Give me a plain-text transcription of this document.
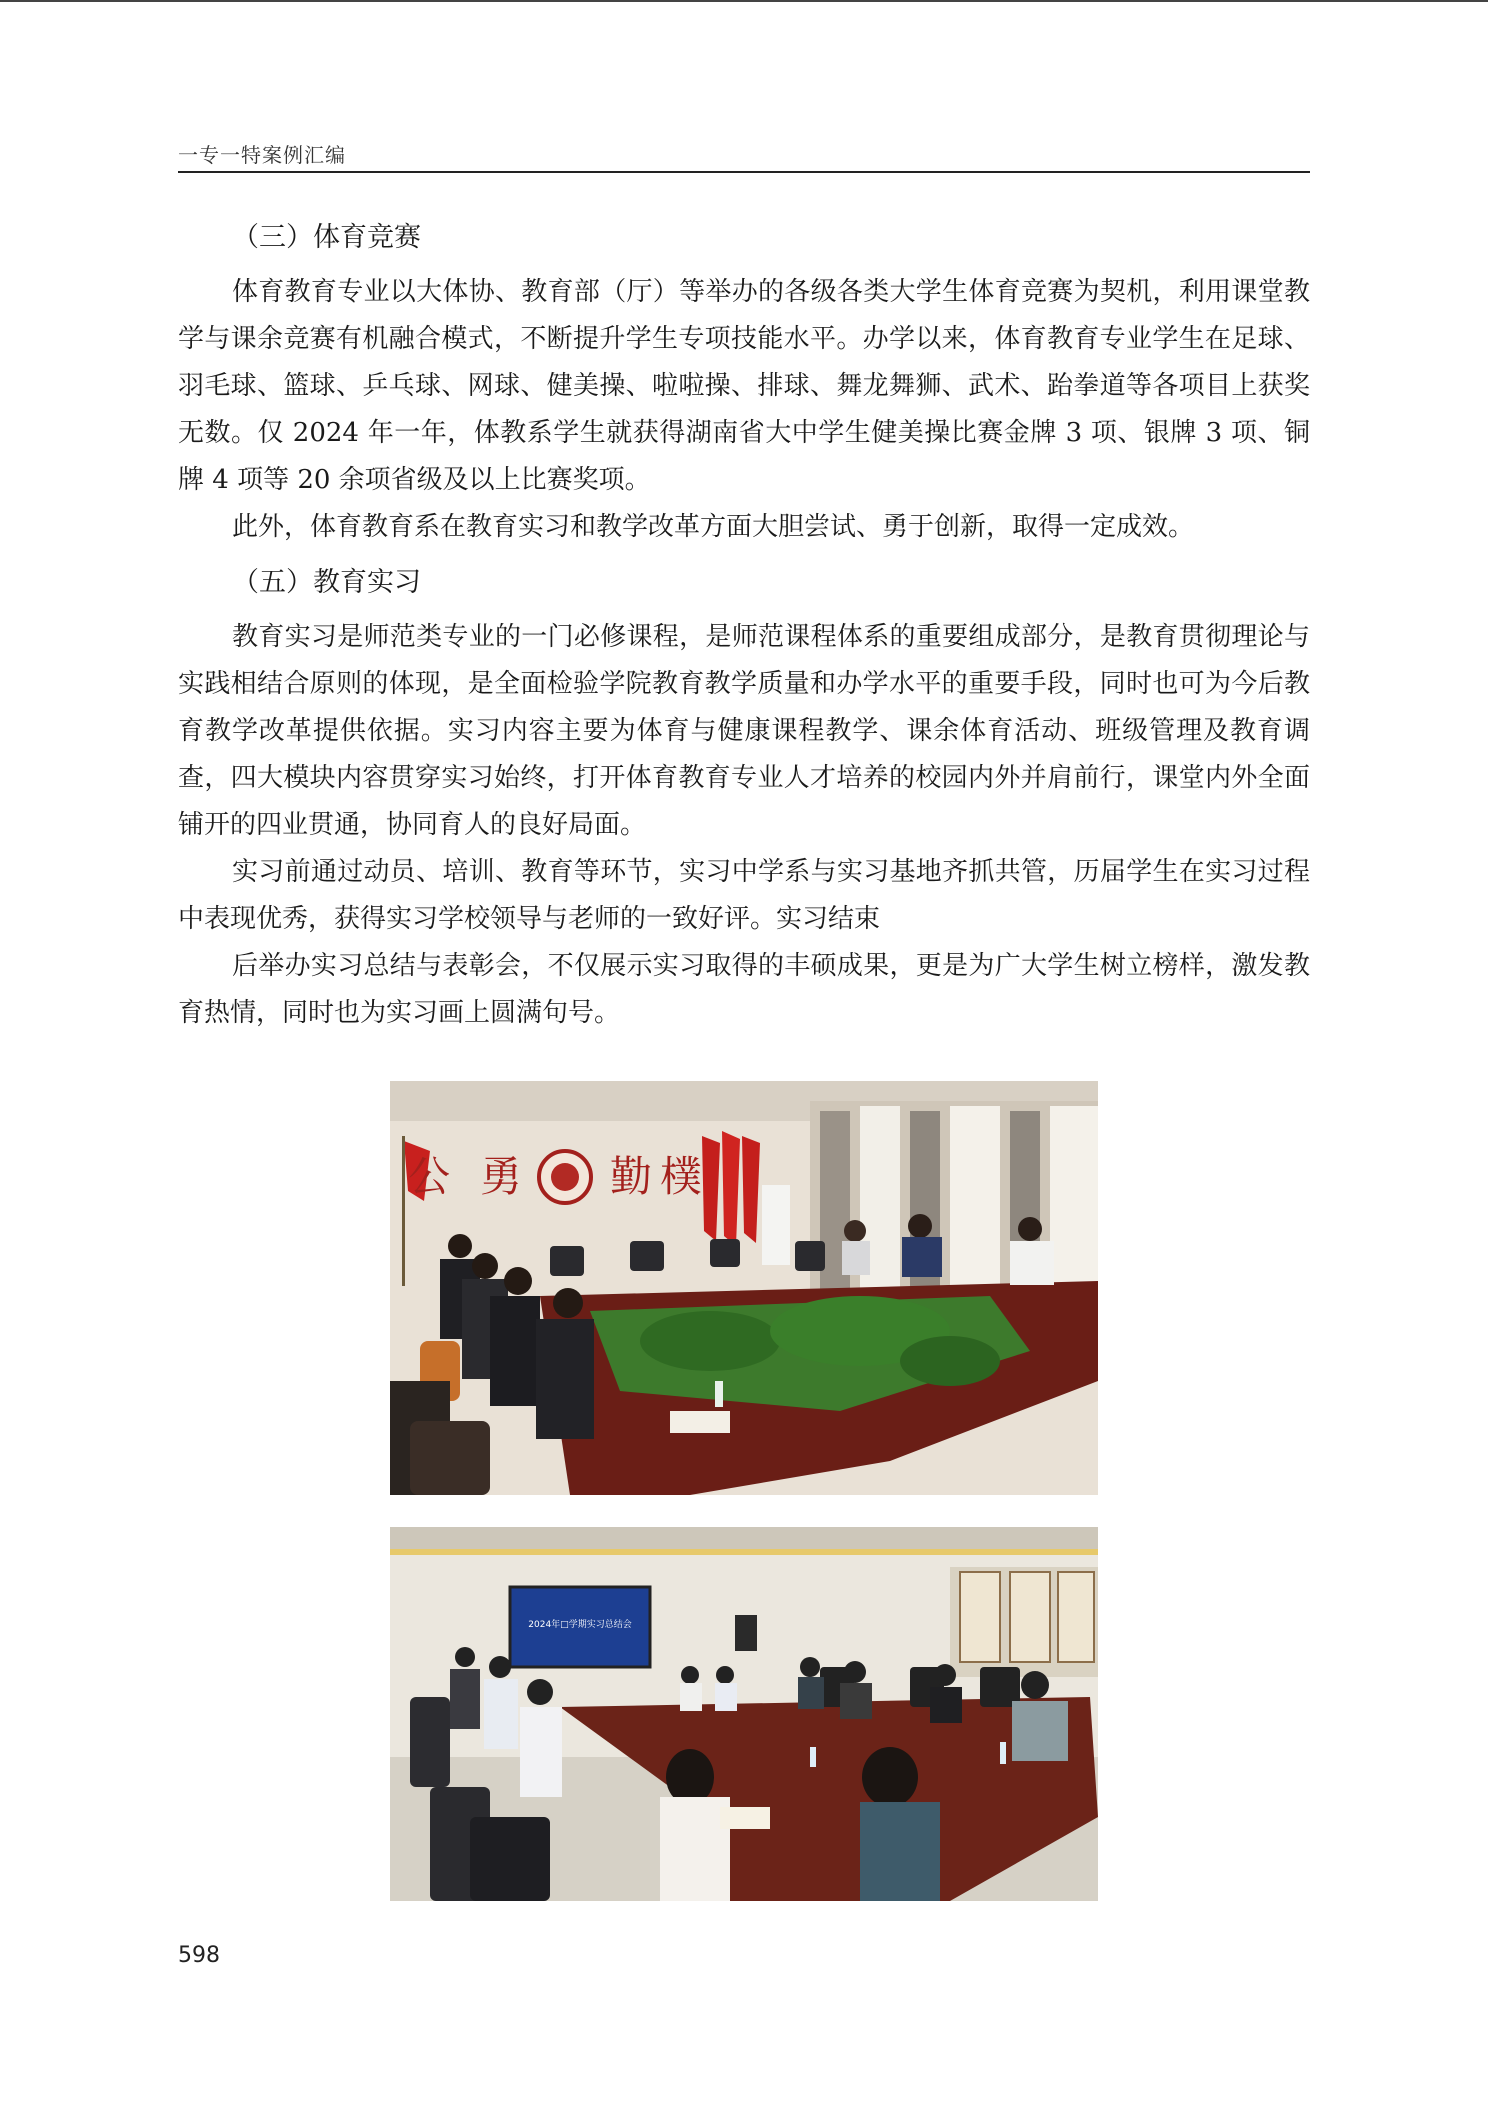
一专一特案例汇编
（三）体育竞赛

体育教育专业以大体协、教育部（厅）等举办的各级各类大学生体育竞赛为契机，利用课堂教学与课余竞赛有机融合模式，不断提升学生专项技能水平。办学以来，体育教育专业学生在足球、羽毛球、篮球、乒乓球、网球、健美操、啦啦操、排球、舞龙舞狮、武术、跆拳道等各项目上获奖无数。仅 2024 年一年，体教系学生就获得湖南省大中学生健美操比赛金牌 3 项、银牌 3 项、铜牌 4 项等 20 余项省级及以上比赛奖项。

此外，体育教育系在教育实习和教学改革方面大胆尝试、勇于创新，取得一定成效。

（五）教育实习

教育实习是师范类专业的一门必修课程，是师范课程体系的重要组成部分，是教育贯彻理论与实践相结合原则的体现，是全面检验学院教育教学质量和办学水平的重要手段，同时也可为今后教育教学改革提供依据。实习内容主要为体育与健康课程教学、课余体育活动、班级管理及教育调查，四大模块内容贯穿实习始终，打开体育教育专业人才培养的校园内外并肩前行，课堂内外全面铺开的四业贯通，协同育人的良好局面。

实习前通过动员、培训、教育等环节，实习中学系与实习基地齐抓共管，历届学生在实习过程中表现优秀，获得实习学校领导与老师的一致好评。实习结束

后举办实习总结与表彰会，不仅展示实习取得的丰硕成果，更是为广大学生树立榜样，激发教育热情，同时也为实习画上圆满句号。

公 勇 勤 樸
2024年□学期实习总结会
598
